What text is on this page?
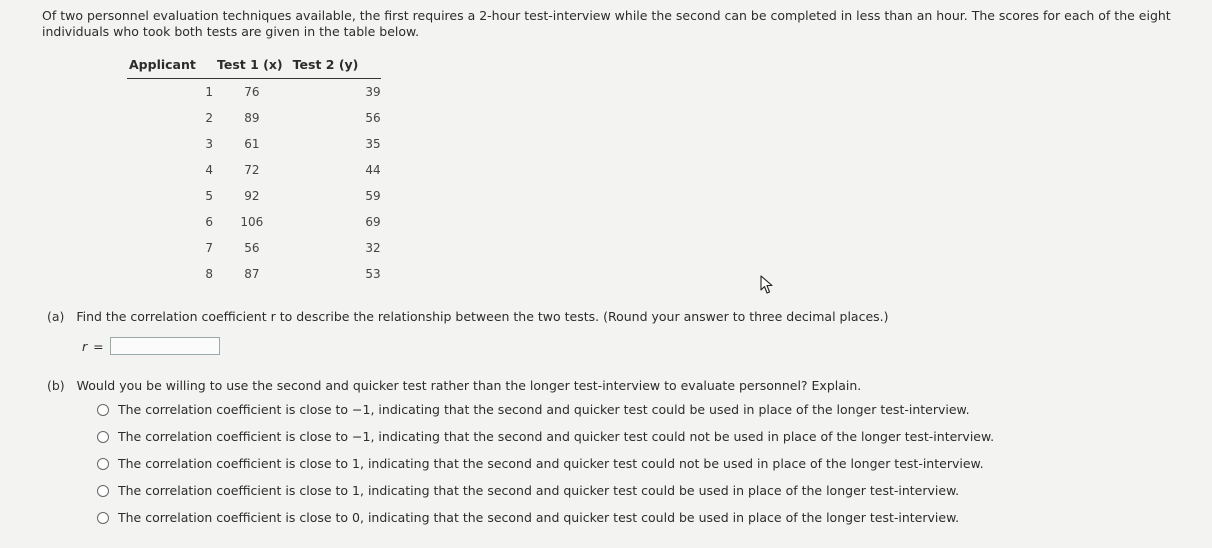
Of two personnel evaluation techniques available, the first requires a 2-hour test-interview while the second can be completed in less than an hour. The scores for each of the eight individuals who took both tests are given in the table below.
Applicant	Test 1 (x)	Test 2 (y)
1	76	39
2	89	56
3	61	35
4	72	44
5	92	59
6	106	69
7	56	32
8	87	53
(a) Find the correlation coefficient r to describe the relationship between the two tests. (Round your answer to three decimal places.)
r =
(b) Would you be willing to use the second and quicker test rather than the longer test-interview to evaluate personnel? Explain.
The correlation coefficient is close to −1, indicating that the second and quicker test could be used in place of the longer test-interview.
The correlation coefficient is close to −1, indicating that the second and quicker test could not be used in place of the longer test-interview.
The correlation coefficient is close to 1, indicating that the second and quicker test could not be used in place of the longer test-interview.
The correlation coefficient is close to 1, indicating that the second and quicker test could be used in place of the longer test-interview.
The correlation coefficient is close to 0, indicating that the second and quicker test could be used in place of the longer test-interview.
